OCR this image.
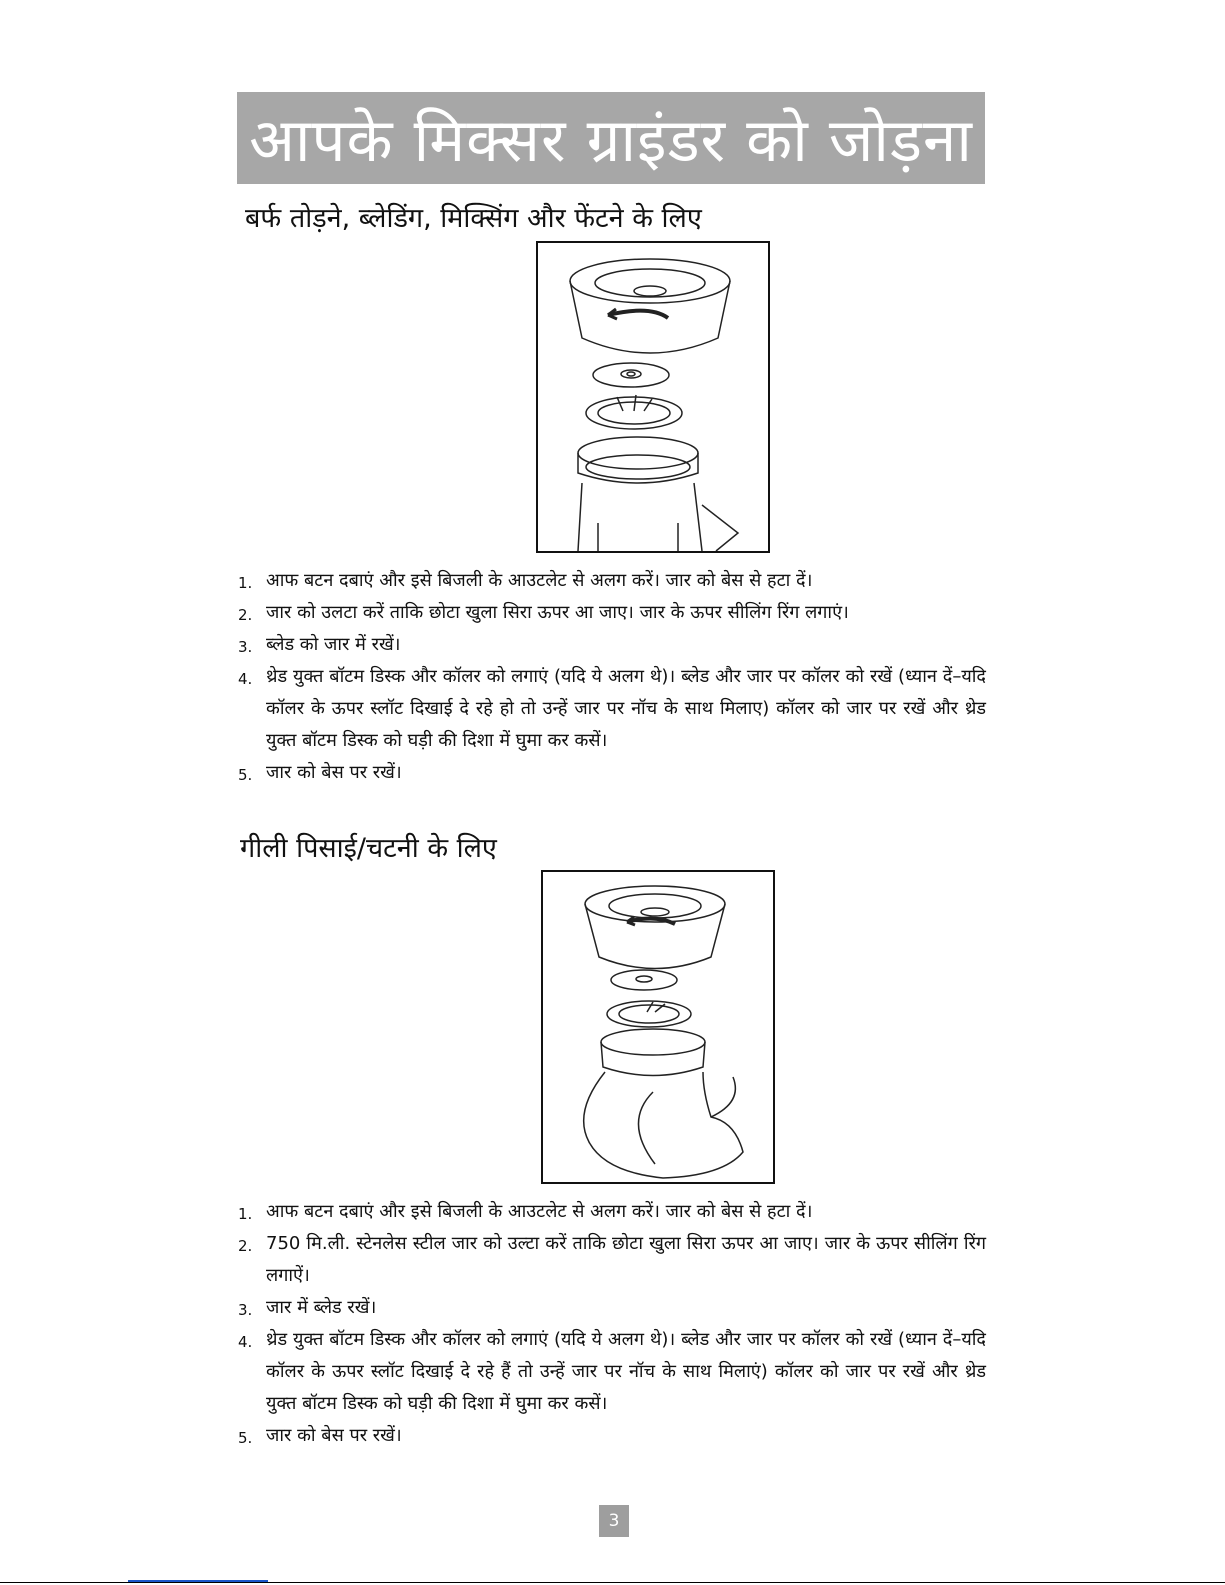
आपके मिक्सर ग्राइंडर को जोड़ना
बर्फ तोड़ने, ब्लेडिंग, मिक्सिंग और फेंटने के लिए
1. आफ बटन दबाएं और इसे बिजली के आउटलेट से अलग करें। जार को बेस से हटा दें।
2. जार को उलटा करें ताकि छोटा खुला सिरा ऊपर आ जाए। जार के ऊपर सीलिंग रिंग लगाएं।
3. ब्लेड को जार में रखें।
4. थ्रेड युक्त बॉटम डिस्क और कॉलर को लगाएं (यदि ये अलग थे)। ब्लेड और जार पर कॉलर को रखें (ध्यान दें–यदि कॉलर के ऊपर स्लॉट दिखाई दे रहे हो तो उन्हें जार पर नॉच के साथ मिलाए) कॉलर को जार पर रखें और थ्रेड युक्त बॉटम डिस्क को घड़ी की दिशा में घुमा कर कसें।
5. जार को बेस पर रखें।
गीली पिसाई/चटनी के लिए
1. आफ बटन दबाएं और इसे बिजली के आउटलेट से अलग करें। जार को बेस से हटा दें।
2. 750 मि.ली. स्टेनलेस स्टील जार को उल्टा करें ताकि छोटा खुला सिरा ऊपर आ जाए। जार के ऊपर सीलिंग रिंग लगाऐं।
3. जार में ब्लेड रखें।
4. थ्रेड युक्त बॉटम डिस्क और कॉलर को लगाएं (यदि ये अलग थे)। ब्लेड और जार पर कॉलर को रखें (ध्यान दें–यदि कॉलर के ऊपर स्लॉट दिखाई दे रहे हैं तो उन्हें जार पर नॉच के साथ मिलाएं) कॉलर को जार पर रखें और थ्रेड युक्त बॉटम डिस्क को घड़ी की दिशा में घुमा कर कसें।
5. जार को बेस पर रखें।
3
